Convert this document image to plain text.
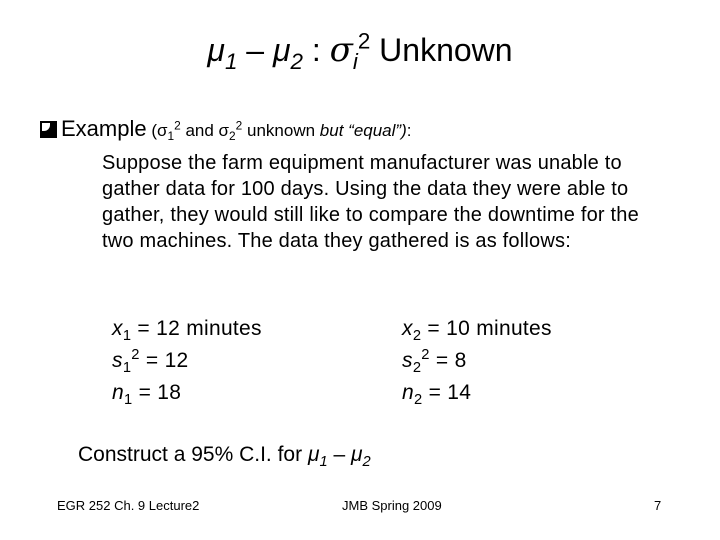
$\mu_1 - \mu_2$ : $\sigma_i^2$ Unknown
Example ($\sigma_1^2$ and $\sigma_2^2$ unknown but “equal”):
Suppose the farm equipment manufacturer was unable to gather data for 100 days. Using the data they were able to gather, they would still like to compare the downtime for the two machines. The data they gathered is as follows:
$x_1 = 12$ minutes
$s_1^2 = 12$
$n_1 = 18$
$x_2 = 10$ minutes
$s_2^2 = 8$
$n_2 = 14$
Construct a 95% C.I. for $\mu_1 - \mu_2$
EGR 252 Ch. 9 Lecture2	JMB Spring 2009	7
